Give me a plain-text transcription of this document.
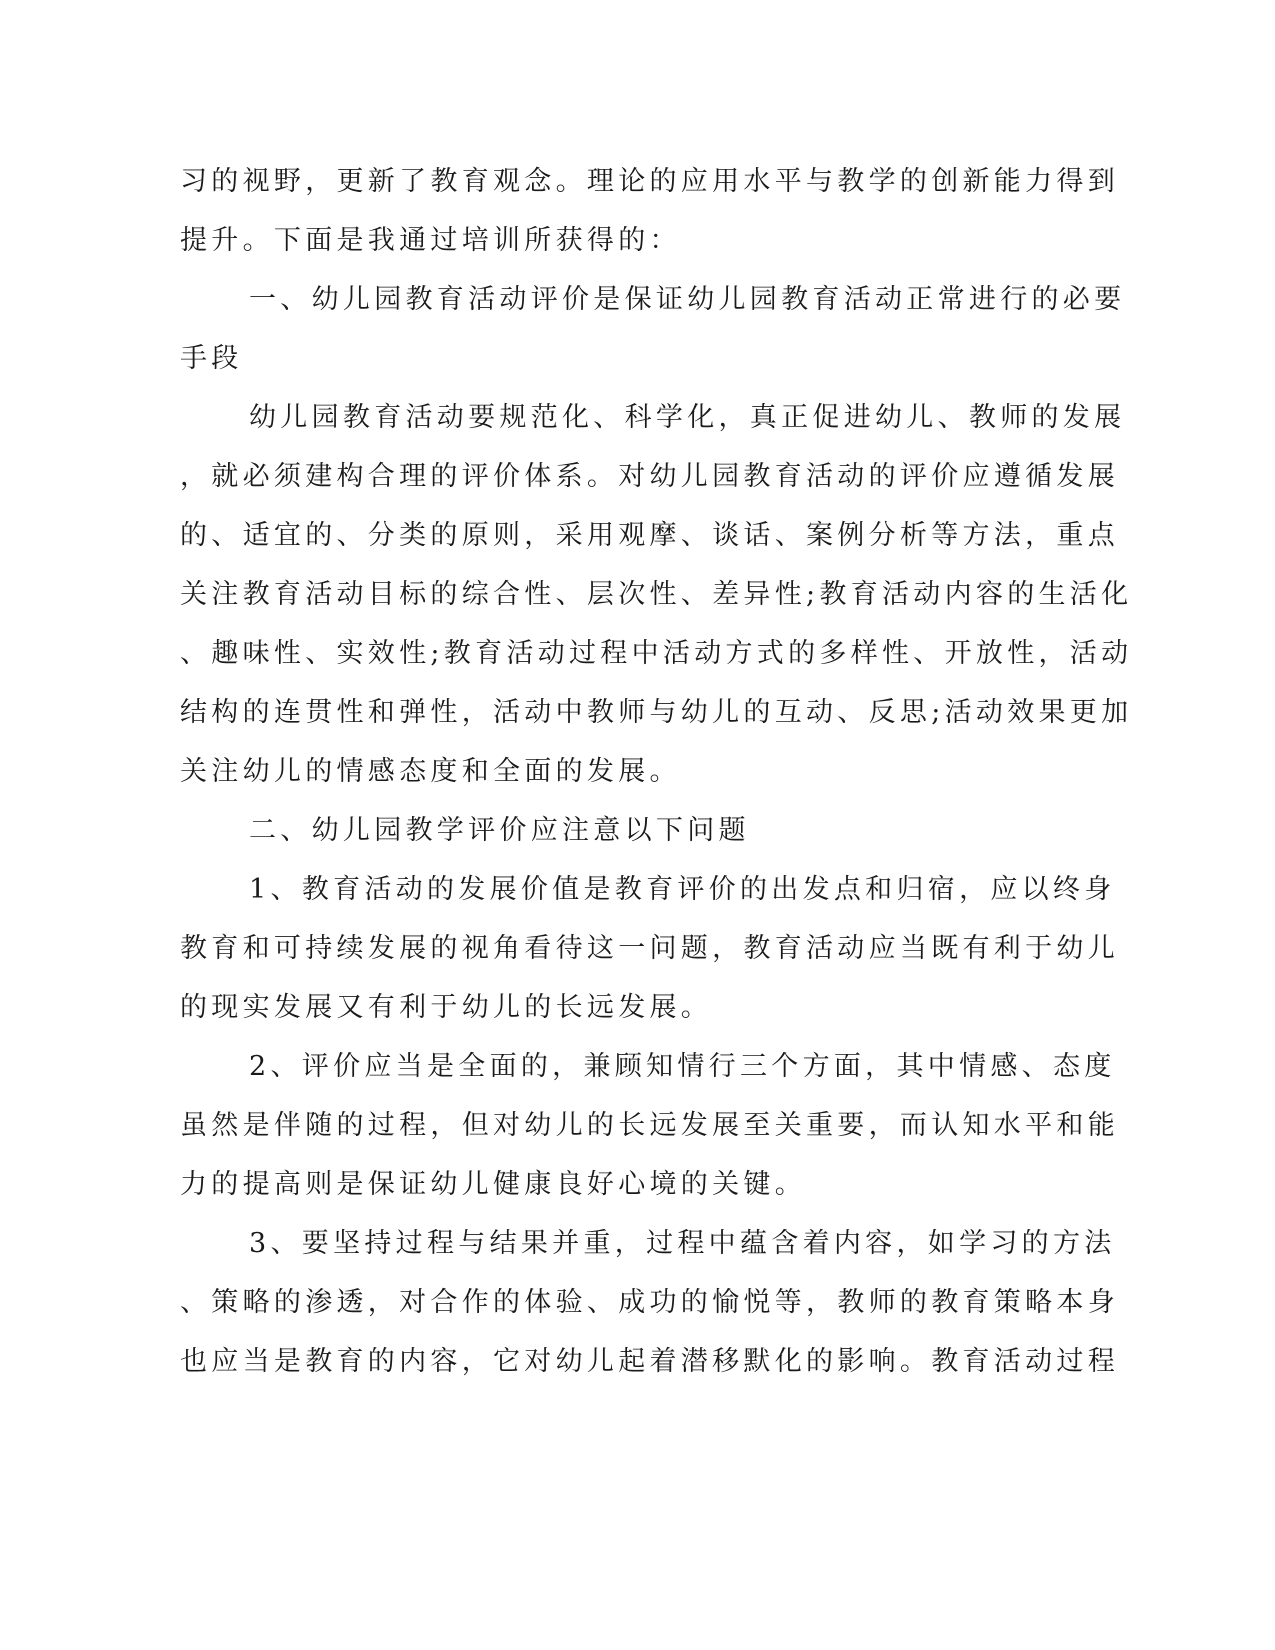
习的视野，更新了教育观念。理论的应用水平与教学的创新能力得到
提升。下面是我通过培训所获得的：
一、幼儿园教育活动评价是保证幼儿园教育活动正常进行的必要
手段
幼儿园教育活动要规范化、科学化，真正促进幼儿、教师的发展
，就必须建构合理的评价体系。对幼儿园教育活动的评价应遵循发展
的、适宜的、分类的原则，采用观摩、谈话、案例分析等方法，重点
关注教育活动目标的综合性、层次性、差异性;教育活动内容的生活化
、趣味性、实效性;教育活动过程中活动方式的多样性、开放性，活动
结构的连贯性和弹性，活动中教师与幼儿的互动、反思;活动效果更加
关注幼儿的情感态度和全面的发展。
二、幼儿园教学评价应注意以下问题
1、教育活动的发展价值是教育评价的出发点和归宿，应以终身
教育和可持续发展的视角看待这一问题，教育活动应当既有利于幼儿
的现实发展又有利于幼儿的长远发展。
2、评价应当是全面的，兼顾知情行三个方面，其中情感、态度
虽然是伴随的过程，但对幼儿的长远发展至关重要，而认知水平和能
力的提高则是保证幼儿健康良好心境的关键。
3、要坚持过程与结果并重，过程中蕴含着内容，如学习的方法
、策略的渗透，对合作的体验、成功的愉悦等，教师的教育策略本身
也应当是教育的内容，它对幼儿起着潜移默化的影响。教育活动过程
